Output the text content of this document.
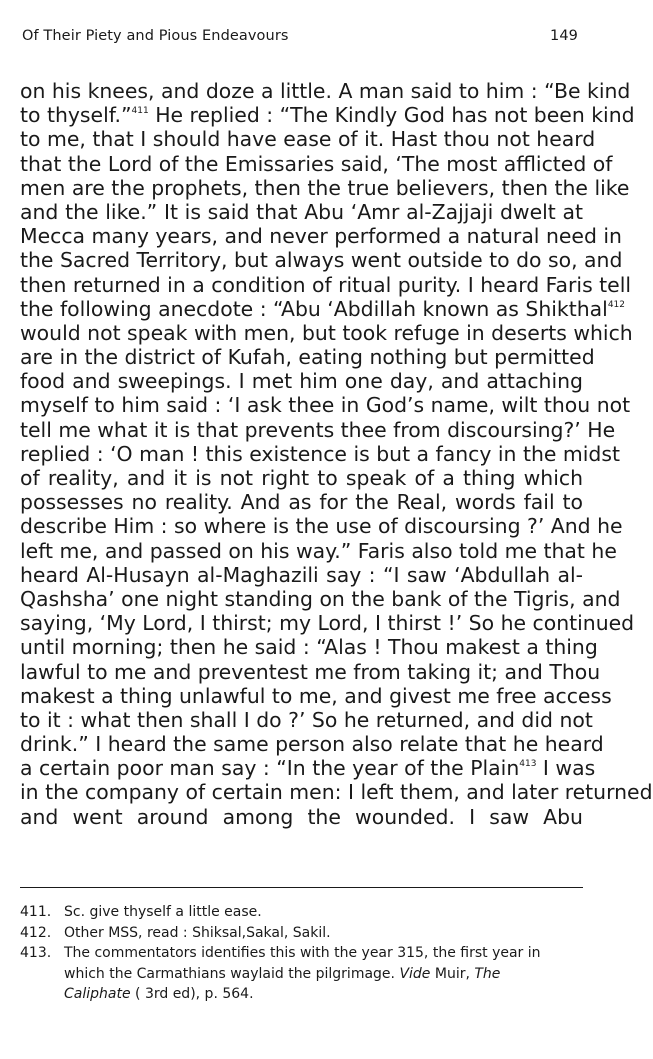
Of Their Piety and Pious Endeavours	149
on his knees, and doze a little. A man said to him : “Be kind
to thyself.”$^{411}$ He replied : “The Kindly God has not been kind
to me, that I should have ease of it. Hast thou not heard
that the Lord of the Emissaries said, ‘The most afflicted of
men are the prophets, then the true believers, then the like
and the like.” It is said that Abu ‘Amr al-Zajjaji dwelt at
Mecca many years, and never performed a natural need in
the Sacred Territory, but always went outside to do so, and
then returned in a condition of ritual purity. I heard Faris tell
the following anecdote : “Abu ‘Abdillah known as Shikthal$^{412}$
would not speak with men, but took refuge in deserts which
are in the district of Kufah, eating nothing but permitted
food and sweepings. I met him one day, and attaching
myself to him said : ‘I ask thee in God’s name, wilt thou not
tell me what it is that prevents thee from discoursing?’ He
replied : ‘O man ! this existence is but a fancy in the midst
of reality, and it is not right to speak of a thing which
possesses no reality. And as for the Real, words fail to
describe Him : so where is the use of discoursing ?’ And he
left me, and passed on his way.” Faris also told me that he
heard Al-Husayn al-Maghazili say : “I saw ‘Abdullah al-
Qashsha’ one night standing on the bank of the Tigris, and
saying, ‘My Lord, I thirst; my Lord, I thirst !’ So he continued
until morning; then he said : “Alas ! Thou makest a thing
lawful to me and preventest me from taking it; and Thou
makest a thing unlawful to me, and givest me free access
to it : what then shall I do ?’ So he returned, and did not
drink.” I heard the same person also relate that he heard
a certain poor man say : “In the year of the Plain$^{413}$ I was
in the company of certain men: I left them, and later returned
and went around among the wounded. I saw Abu
411. Sc. give thyself a little ease.
412. Other MSS, read : Shiksal,Sakal, Sakil.
413. The commentators identifies this with the year 315, the first year in
which the Carmathians waylaid the pilgrimage. Vide Muir, The
Caliphate ( 3rd ed), p. 564.
